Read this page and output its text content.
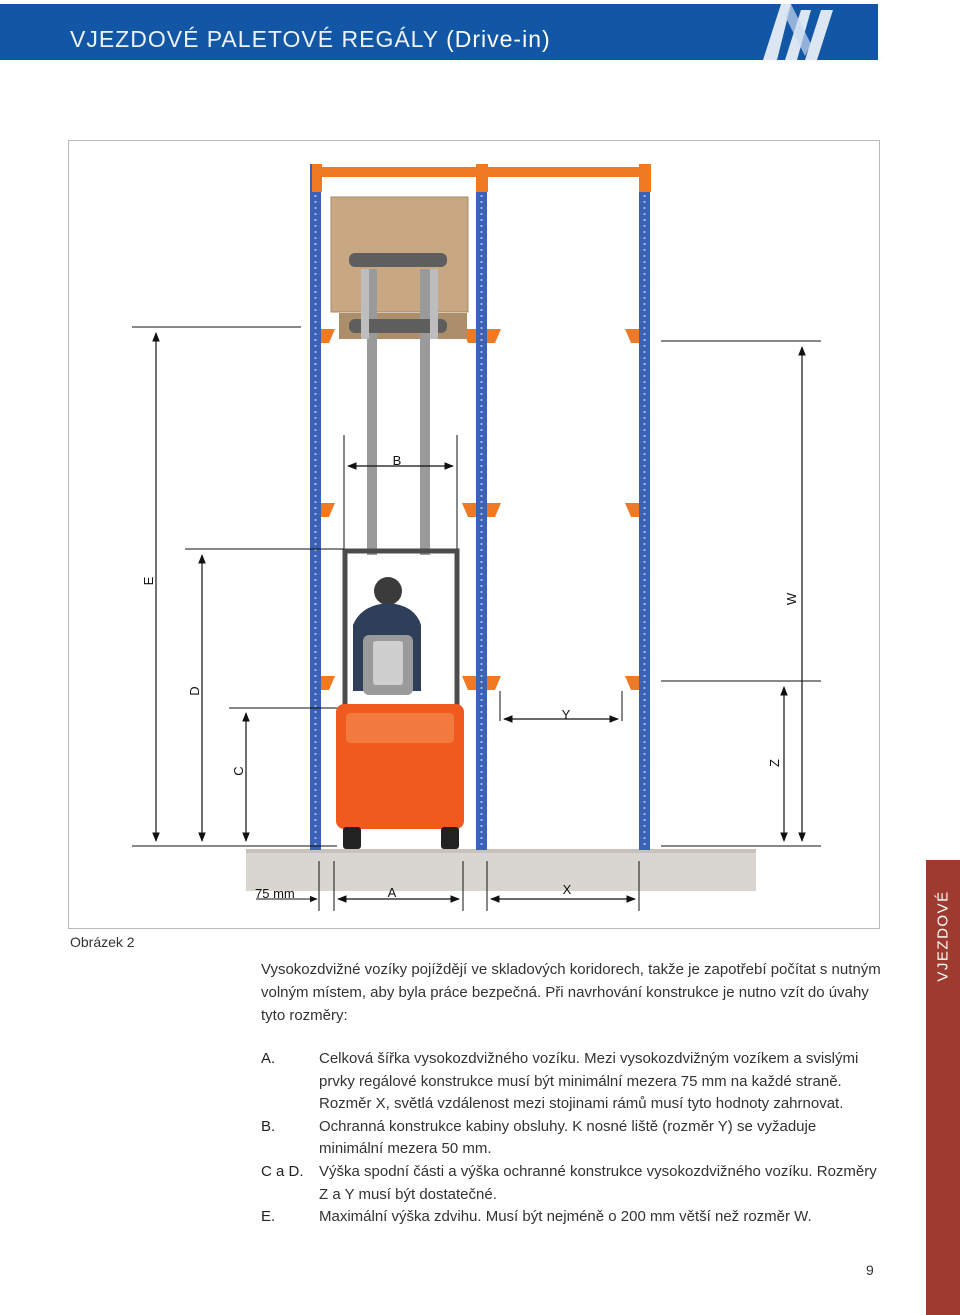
VJEZDOVÉ PALETOVÉ REGÁLY (Drive-in)
E
D
C
W
Z
B
Y
A	X
75 mm
Obrázek 2
Vysokozdvižné vozíky pojíždějí ve skladových koridorech, takže je zapotřebí počítat s nutným volným místem, aby byla práce bezpečná. Při navrhování konstrukce je nutno vzít do úvahy tyto rozměry:
A.	Celková šířka vysokozdvižného vozíku. Mezi vysokozdvižným vozíkem a svislými prvky regálové konstrukce musí být minimální mezera 75 mm na každé straně. Rozměr X, světlá vzdálenost mezi stojinami rámů musí tyto hodnoty zahrnovat.
B.	Ochranná konstrukce kabiny obsluhy. K nosné liště (rozměr Y) se vyžaduje minimální mezera 50 mm.
C a D.	Výška spodní části a výška ochranné konstrukce vysokozdvižného vozíku. Rozměry Z a Y musí být dostatečné.
E.	Maximální výška zdvihu. Musí být nejméně o 200 mm větší než rozměr W.
9
VJEZDOVÉ
